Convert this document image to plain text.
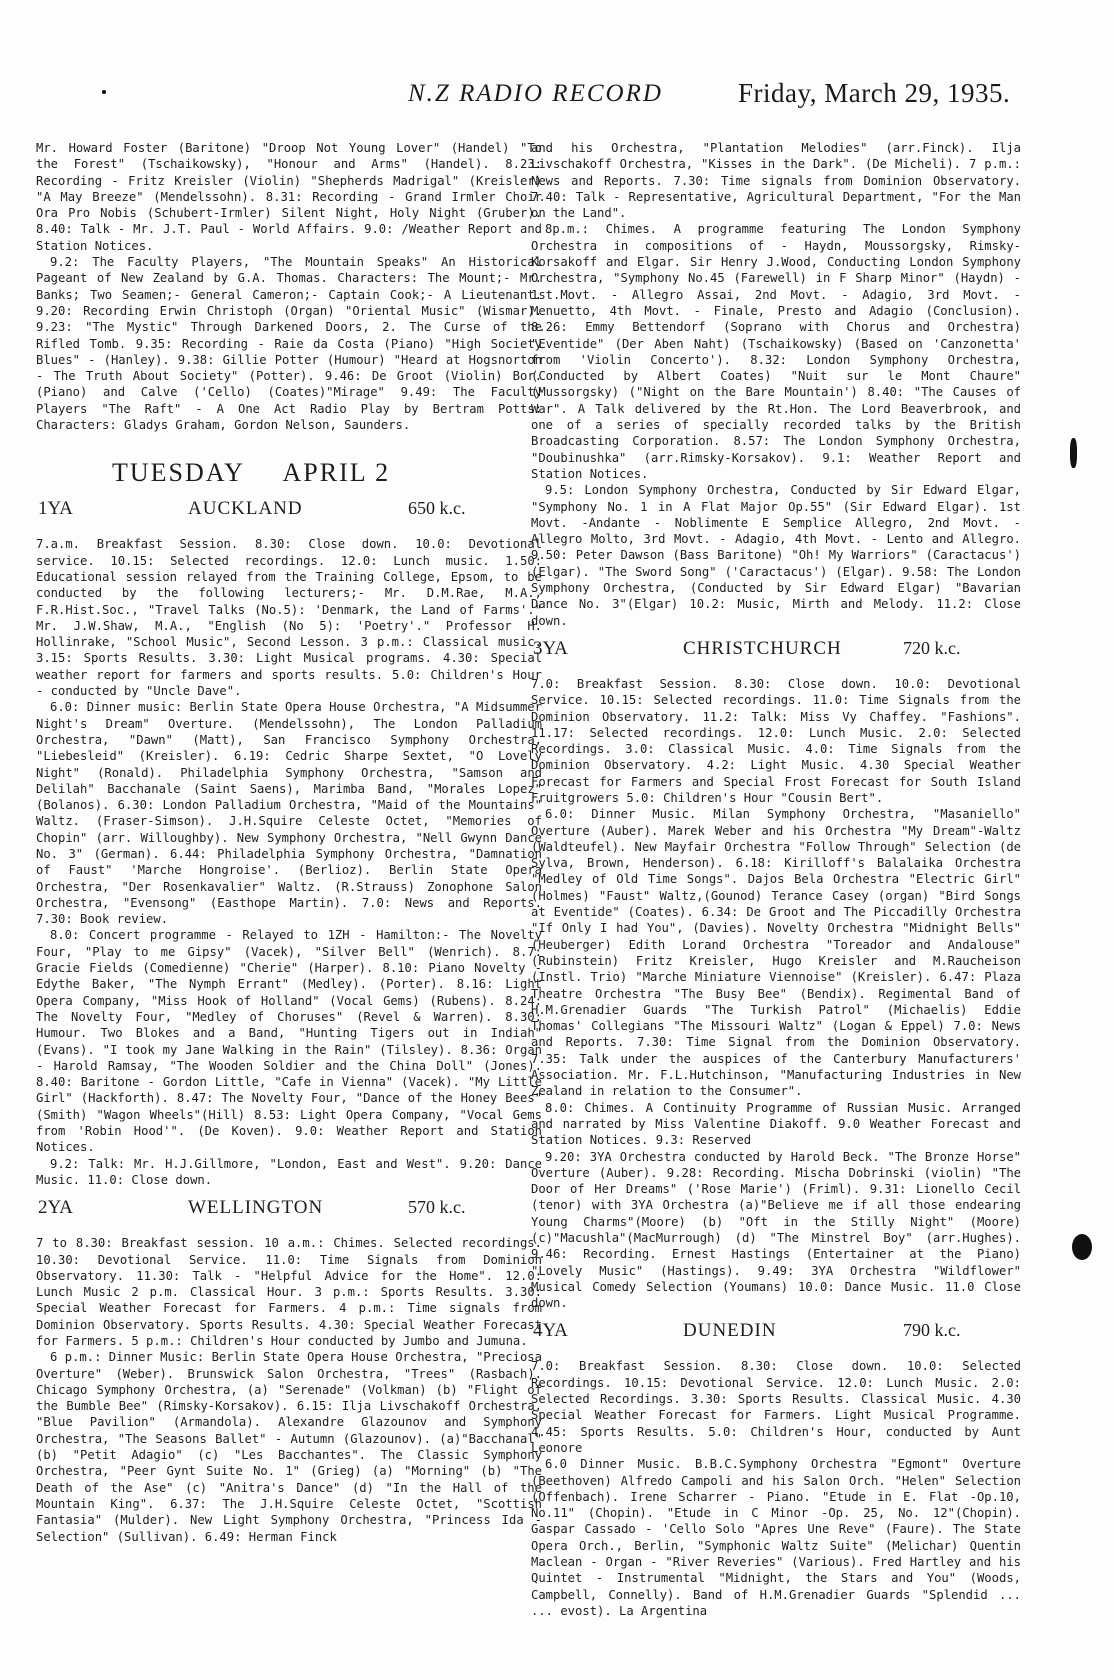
N.Z RADIO RECORD	Friday, March 29, 1935.

Mr. Howard Foster (Baritone) "Droop Not Young Lover" (Handel) "To the Forest" (Tschaikowsky), "Honour and Arms" (Handel). 8.23: Recording - Fritz Kreisler (Violin) "Shepherds Madrigal" (Kreisler) "A May Breeze" (Mendelssohn). 8.31: Recording - Grand Irmler Choir Ora Pro Nobis (Schubert-Irmler) Silent Night, Holy Night (Gruber). 8.40: Talk - Mr. J.T. Paul - World Affairs. 9.0: /Weather Report and Station Notices.

9.2: The Faculty Players, "The Mountain Speaks" An Historical Pageant of New Zealand by G.A. Thomas. Characters: The Mount;- Mr. Banks; Two Seamen;- General Cameron;- Captain Cook;- A Lieutenant. 9.20: Recording Erwin Christoph (Organ) "Oriental Music" (Wismar). 9.23: "The Mystic" Through Darkened Doors, 2. The Curse of the Rifled Tomb. 9.35: Recording - Raie da Costa (Piano) "High Society Blues" - (Hanley). 9.38: Gillie Potter (Humour) "Heard at Hogsnorton - The Truth About Society" (Potter). 9.46: De Groot (Violin) Bor. (Piano) and Calve ('Cello) (Coates)"Mirage" 9.49: The Faculty Players "The Raft" - A One Act Radio Play by Bertram Potts: Characters: Gladys Graham, Gordon Nelson, Saunders.

TUESDAY APRIL 2
1YA	AUCKLAND	650 k.c.

7.a.m. Breakfast Session. 8.30: Close down. 10.0: Devotional service. 10.15: Selected recordings. 12.0: Lunch music. 1.50: Educational session relayed from the Training College, Epsom, to be conducted by the following lecturers;- Mr. D.M.Rae, M.A., F.R.Hist.Soc., "Travel Talks (No.5): 'Denmark, the Land of Farms'." Mr. J.W.Shaw, M.A., "English (No 5): 'Poetry'." Professor H. Hollinrake, "School Music", Second Lesson. 3 p.m.: Classical music. 3.15: Sports Results. 3.30: Light Musical programs. 4.30: Special weather report for farmers and sports results. 5.0: Children's Hour - conducted by "Uncle Dave".

6.0: Dinner music: Berlin State Opera House Orchestra, "A Midsummer Night's Dream" Overture. (Mendelssohn), The London Palladium Orchestra, "Dawn" (Matt), San Francisco Symphony Orchestra, "Liebesleid" (Kreisler). 6.19: Cedric Sharpe Sextet, "O Lovely Night" (Ronald). Philadelphia Symphony Orchestra, "Samson and Delilah" Bacchanale (Saint Saens), Marimba Band, "Morales Lopez" (Bolanos). 6.30: London Palladium Orchestra, "Maid of the Mountains" Waltz. (Fraser-Simson). J.H.Squire Celeste Octet, "Memories of Chopin" (arr. Willoughby). New Symphony Orchestra, "Nell Gwynn Dance No. 3" (German). 6.44: Philadelphia Symphony Orchestra, "Damnation of Faust" 'Marche Hongroise'. (Berlioz). Berlin State Opera Orchestra, "Der Rosenkavalier" Waltz. (R.Strauss) Zonophone Salon Orchestra, "Evensong" (Easthope Martin). 7.0: News and Reports. 7.30: Book review.

8.0: Concert programme - Relayed to 1ZH - Hamilton:- The Novelty Four, "Play to me Gipsy" (Vacek), "Silver Bell" (Wenrich). 8.7: Gracie Fields (Comedienne) "Cherie" (Harper). 8.10: Piano Novelty - Edythe Baker, "The Nymph Errant" (Medley). (Porter). 8.16: Light Opera Company, "Miss Hook of Holland" (Vocal Gems) (Rubens). 8.24: The Novelty Four, "Medley of Choruses" (Revel & Warren). 8.30: Humour. Two Blokes and a Band, "Hunting Tigers out in Indiah" (Evans). "I took my Jane Walking in the Rain" (Tilsley). 8.36: Organ - Harold Ramsay, "The Wooden Soldier and the China Doll" (Jones). 8.40: Baritone - Gordon Little, "Cafe in Vienna" (Vacek). "My Little Girl" (Hackforth). 8.47: The Novelty Four, "Dance of the Honey Bees" (Smith) "Wagon Wheels"(Hill) 8.53: Light Opera Company, "Vocal Gems from 'Robin Hood'". (De Koven). 9.0: Weather Report and Station Notices.

9.2: Talk: Mr. H.J.Gillmore, "London, East and West". 9.20: Dance Music. 11.0: Close down.

2YA	WELLINGTON	570 k.c.

7 to 8.30: Breakfast session. 10 a.m.: Chimes. Selected recordings. 10.30: Devotional Service. 11.0: Time Signals from Dominion Observatory. 11.30: Talk - "Helpful Advice for the Home". 12.0: Lunch Music 2 p.m. Classical Hour. 3 p.m.: Sports Results. 3.30: Special Weather Forecast for Farmers. 4 p.m.: Time signals from Dominion Observatory. Sports Results. 4.30: Special Weather Forecast for Farmers. 5 p.m.: Children's Hour conducted by Jumbo and Jumuna.

6 p.m.: Dinner Music: Berlin State Opera House Orchestra, "Preciosa Overture" (Weber). Brunswick Salon Orchestra, "Trees" (Rasbach). Chicago Symphony Orchestra, (a) "Serenade" (Volkman) (b) "Flight of the Bumble Bee" (Rimsky-Korsakov). 6.15: Ilja Livschakoff Orchestra, "Blue Pavilion" (Armandola). Alexandre Glazounov and Symphony Orchestra, "The Seasons Ballet" - Autumn (Glazounov). (a)"Bacchanal" (b) "Petit Adagio" (c) "Les Bacchantes". The Classic Symphony Orchestra, "Peer Gynt Suite No. 1" (Grieg) (a) "Morning" (b) "The Death of the Ase" (c) "Anitra's Dance" (d) "In the Hall of the Mountain King". 6.37: The J.H.Squire Celeste Octet, "Scottish Fantasia" (Mulder). New Light Symphony Orchestra, "Princess Ida - Selection" (Sullivan). 6.49: Herman Finck

and his Orchestra, "Plantation Melodies" (arr.Finck). Ilja Livschakoff Orchestra, "Kisses in the Dark". (De Micheli). 7 p.m.: News and Reports. 7.30: Time signals from Dominion Observatory. 7.40: Talk - Representative, Agricultural Department, "For the Man on the Land".

8p.m.: Chimes. A programme featuring The London Symphony Orchestra in compositions of - Haydn, Moussorgsky, Rimsky-Korsakoff and Elgar. Sir Henry J.Wood, Conducting London Symphony Orchestra, "Symphony No.45 (Farewell) in F Sharp Minor" (Haydn) - 1st.Movt. - Allegro Assai, 2nd Movt. - Adagio, 3rd Movt. - Menuetto, 4th Movt. - Finale, Presto and Adagio (Conclusion). 8.26: Emmy Bettendorf (Soprano with Chorus and Orchestra) "Eventide" (Der Aben Naht) (Tschaikowsky) (Based on 'Canzonetta' from 'Violin Concerto'). 8.32: London Symphony Orchestra, (Conducted by Albert Coates) "Nuit sur le Mont Chaure" (Mussorgsky) ("Night on the Bare Mountain') 8.40: "The Causes of War". A Talk delivered by the Rt.Hon. The Lord Beaverbrook, and one of a series of specially recorded talks by the British Broadcasting Corporation. 8.57: The London Symphony Orchestra, "Doubinushka" (arr.Rimsky-Korsakov). 9.1: Weather Report and Station Notices.

9.5: London Symphony Orchestra, Conducted by Sir Edward Elgar, "Symphony No. 1 in A Flat Major Op.55" (Sir Edward Elgar). 1st Movt. -Andante - Noblimente E Semplice Allegro, 2nd Movt. - Allegro Molto, 3rd Movt. - Adagio, 4th Movt. - Lento and Allegro. 9.50: Peter Dawson (Bass Baritone) "Oh! My Warriors" (Caractacus') (Elgar). "The Sword Song" ('Caractacus') (Elgar). 9.58: The London Symphony Orchestra, (Conducted by Sir Edward Elgar) "Bavarian Dance No. 3"(Elgar) 10.2: Music, Mirth and Melody. 11.2: Close down.

3YA	CHRISTCHURCH	720 k.c.

7.0: Breakfast Session. 8.30: Close down. 10.0: Devotional Service. 10.15: Selected recordings. 11.0: Time Signals from the Dominion Observatory. 11.2: Talk: Miss Vy Chaffey. "Fashions". 11.17: Selected recordings. 12.0: Lunch Music. 2.0: Selected Recordings. 3.0: Classical Music. 4.0: Time Signals from the Dominion Observatory. 4.2: Light Music. 4.30 Special Weather Forecast for Farmers and Special Frost Forecast for South Island Fruitgrowers 5.0: Children's Hour "Cousin Bert".

6.0: Dinner Music. Milan Symphony Orchestra, "Masaniello" Overture (Auber). Marek Weber and his Orchestra "My Dream"-Waltz (Waldteufel). New Mayfair Orchestra "Follow Through" Selection (de Sylva, Brown, Henderson). 6.18: Kirilloff's Balalaika Orchestra "Medley of Old Time Songs". Dajos Bela Orchestra "Electric Girl" (Holmes) "Faust" Waltz,(Gounod) Terance Casey (organ) "Bird Songs at Eventide" (Coates). 6.34: De Groot and The Piccadilly Orchestra "If Only I had You", (Davies). Novelty Orchestra "Midnight Bells" (Heuberger) Edith Lorand Orchestra "Toreador and Andalouse" (Rubinstein) Fritz Kreisler, Hugo Kreisler and M.Raucheison (Instl. Trio) "Marche Miniature Viennoise" (Kreisler). 6.47: Plaza Theatre Orchestra "The Busy Bee" (Bendix). Regimental Band of H.M.Grenadier Guards "The Turkish Patrol" (Michaelis) Eddie Thomas' Collegians "The Missouri Waltz" (Logan & Eppel) 7.0: News and Reports. 7.30: Time Signal from the Dominion Observatory. 7.35: Talk under the auspices of the Canterbury Manufacturers' Association. Mr. F.L.Hutchinson, "Manufacturing Industries in New Zealand in relation to the Consumer".

8.0: Chimes. A Continuity Programme of Russian Music. Arranged and narrated by Miss Valentine Diakoff. 9.0 Weather Forecast and Station Notices. 9.3: Reserved

9.20: 3YA Orchestra conducted by Harold Beck. "The Bronze Horse" Overture (Auber). 9.28: Recording. Mischa Dobrinski (violin) "The Door of Her Dreams" ('Rose Marie') (Friml). 9.31: Lionello Cecil (tenor) with 3YA Orchestra (a)"Believe me if all those endearing Young Charms"(Moore) (b) "Oft in the Stilly Night" (Moore) (c)"Macushla"(MacMurrough) (d) "The Minstrel Boy" (arr.Hughes). 9.46: Recording. Ernest Hastings (Entertainer at the Piano) "Lovely Music" (Hastings). 9.49: 3YA Orchestra "Wildflower" Musical Comedy Selection (Youmans) 10.0: Dance Music. 11.0 Close down.

4YA	DUNEDIN	790 k.c.

7.0: Breakfast Session. 8.30: Close down. 10.0: Selected Recordings. 10.15: Devotional Service. 12.0: Lunch Music. 2.0: Selected Recordings. 3.30: Sports Results. Classical Music. 4.30 Special Weather Forecast for Farmers. Light Musical Programme. 4.45: Sports Results. 5.0: Children's Hour, conducted by Aunt Leonore

6.0 Dinner Music. B.B.C.Symphony Orchestra "Egmont" Overture (Beethoven) Alfredo Campoli and his Salon Orch. "Helen" Selection (Offenbach). Irene Scharrer - Piano. "Etude in E. Flat -Op.10, No.11" (Chopin). "Etude in C Minor -Op. 25, No. 12"(Chopin). Gaspar Cassado - 'Cello Solo "Apres Une Reve" (Faure). The State Opera Orch., Berlin, "Symphonic Waltz Suite" (Melichar) Quentin Maclean - Organ - "River Reveries" (Various). Fred Hartley and his Quintet - Instrumental "Midnight, the Stars and You" (Woods, Campbell, Connelly). Band of H.M.Grenadier Guards "Splendid ... ... evost). La Argentina
